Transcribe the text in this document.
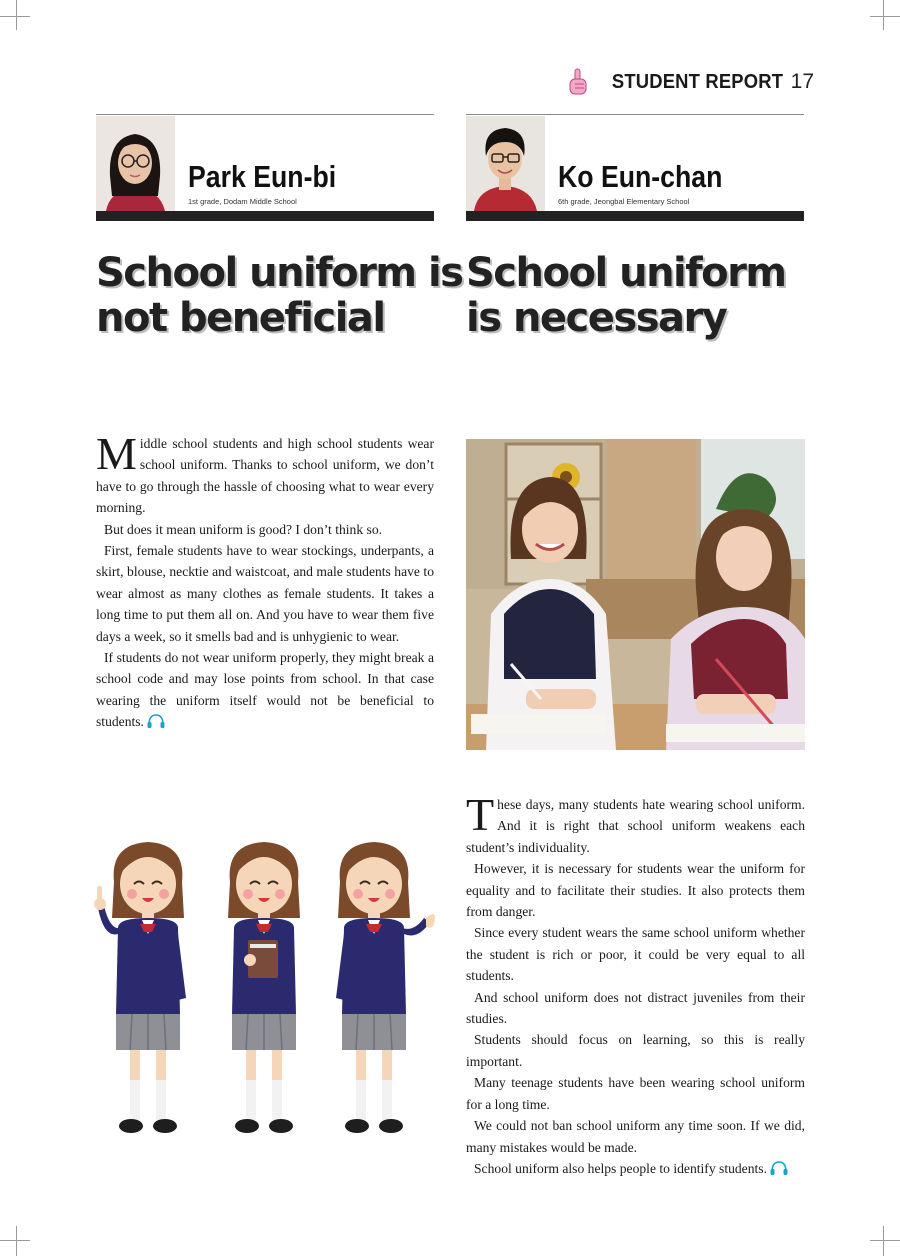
STUDENT REPORT 17
Park Eun-bi
1st grade, Dodam Middle School
School uniform is
not beneficial
Ko Eun-chan
6th grade, Jeongbal Elementary School
School uniform
is necessary

Middle school students and high school students wear school uniform. Thanks to school uniform, we don’t have to go through the hassle of choosing what to wear every morning.

But does it mean uniform is good? I don’t think so.

First, female students have to wear stockings, underpants, a skirt, blouse, necktie and waistcoat, and male students have to wear almost as many clothes as female students. It takes a long time to put them all on. And you have to wear them five days a week, so it smells bad and is unhygienic to wear.

If students do not wear uniform properly, they might break a school code and may lose points from school. In that case wearing the uniform itself would not be beneficial to students.

These days, many students hate wearing school uniform. And it is right that school uniform weakens each student’s individuality.

However, it is necessary for students wear the uniform for equality and to facilitate their studies. It also protects them from danger.

Since every student wears the same school uniform whether the student is rich or poor, it could be very equal to all students.

And school uniform does not distract juveniles from their studies.

Students should focus on learning, so this is really important.

Many teenage students have been wearing school uniform for a long time.

We could not ban school uniform any time soon. If we did, many mistakes would be made.

School uniform also helps people to identify students.
